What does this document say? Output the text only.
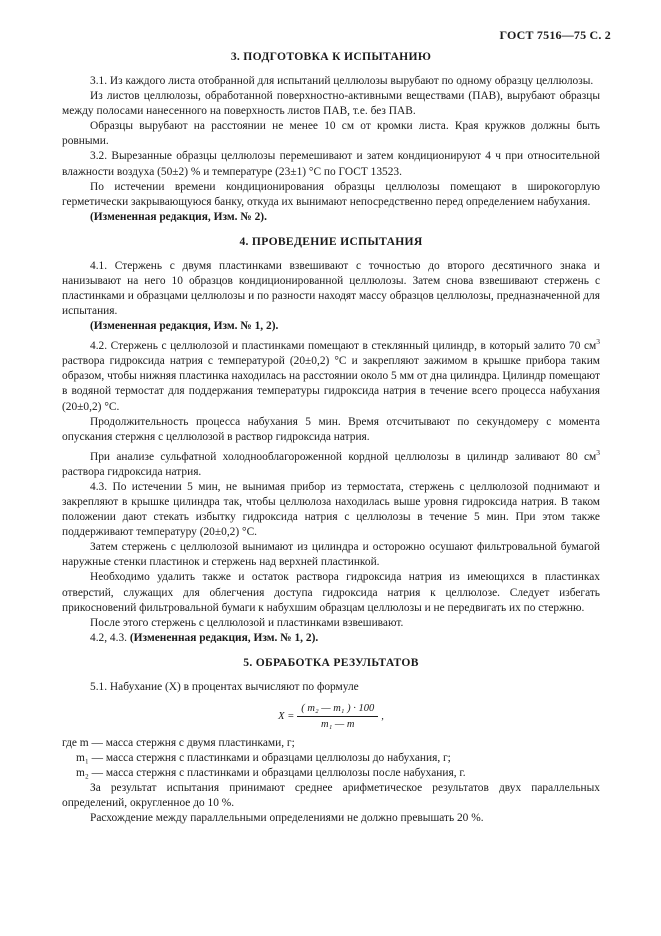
ГОСТ 7516—75 С. 2
3. ПОДГОТОВКА К ИСПЫТАНИЮ

3.1. Из каждого листа отобранной для испытаний целлюлозы вырубают по одному образцу целлюлозы.

Из листов целлюлозы, обработанной поверхностно-активными веществами (ПАВ), вырубают образцы между полосами нанесенного на поверхность листов ПАВ, т.е. без ПАВ.

Образцы вырубают на расстоянии не менее 10 см от кромки листа. Края кружков должны быть ровными.

3.2. Вырезанные образцы целлюлозы перемешивают и затем кондиционируют 4 ч при относительной влажности воздуха (50±2) % и температуре (23±1) °С по ГОСТ 13523.

По истечении времени кондиционирования образцы целлюлозы помещают в широкогорлую герметически закрывающуюся банку, откуда их вынимают непосредственно перед определением набухания.

(Измененная редакция, Изм. № 2).

4. ПРОВЕДЕНИЕ ИСПЫТАНИЯ

4.1. Стержень с двумя пластинками взвешивают с точностью до второго десятичного знака и нанизывают на него 10 образцов кондиционированной целлюлозы. Затем снова взвешивают стержень с пластинками и образцами целлюлозы и по разности находят массу образцов целлюлозы, предназначенной для испытания.

(Измененная редакция, Изм. № 1, 2).

4.2. Стержень с целлюлозой и пластинками помещают в стеклянный цилиндр, в который залито 70 $см^3$ раствора гидроксида натрия с температурой (20±0,2) °С и закрепляют зажимом в крышке прибора таким образом, чтобы нижняя пластинка находилась на расстоянии около 5 мм от дна цилиндра. Цилиндр помещают в водяной термостат для поддержания температуры гидроксида натрия в течение всего процесса набухания (20±0,2) °С.

Продолжительность процесса набухания 5 мин. Время отсчитывают по секундомеру с момента опускания стержня с целлюлозой в раствор гидроксида натрия.

При анализе сульфатной холоднооблагороженной кордной целлюлозы в цилиндр заливают 80 $см^3$ раствора гидроксида натрия.

4.3. По истечении 5 мин, не вынимая прибор из термостата, стержень с целлюлозой поднимают и закрепляют в крышке цилиндра так, чтобы целлюлоза находилась выше уровня гидроксида натрия. В таком положении дают стекать избытку гидроксида натрия с целлюлозы в течение 5 мин. При этом также поддерживают температуру (20±0,2) °С.

Затем стержень с целлюлозой вынимают из цилиндра и осторожно осушают фильтровальной бумагой наружные стенки пластинок и стержень над верхней пластинкой.

Необходимо удалить также и остаток раствора гидроксида натрия из имеющихся в пластинках отверстий, служащих для облегчения доступа гидроксида натрия к целлюлозе. Следует избегать прикосновений фильтровальной бумаги к набухшим образцам целлюлозы и не передвигать их по стержню.

После этого стержень с целлюлозой и пластинками взвешивают.

4.2, 4.3. (Измененная редакция, Изм. № 1, 2).

5. ОБРАБОТКА РЕЗУЛЬТАТОВ

5.1. Набухание (X) в процентах вычисляют по формуле

$X = \frac{\text{( m₂ — m₁ ) · 100}}{\text{m₁ — m}}$ ,

где m — масса стержня с двумя пластинками, г;

m₁ — масса стержня с пластинками и образцами целлюлозы до набухания, г;

m₂ — масса стержня с пластинками и образцами целлюлозы после набухания, г.

За результат испытания принимают среднее арифметическое результатов двух параллельных определений, округленное до 10 %.

Расхождение между параллельными определениями не должно превышать 20 %.
